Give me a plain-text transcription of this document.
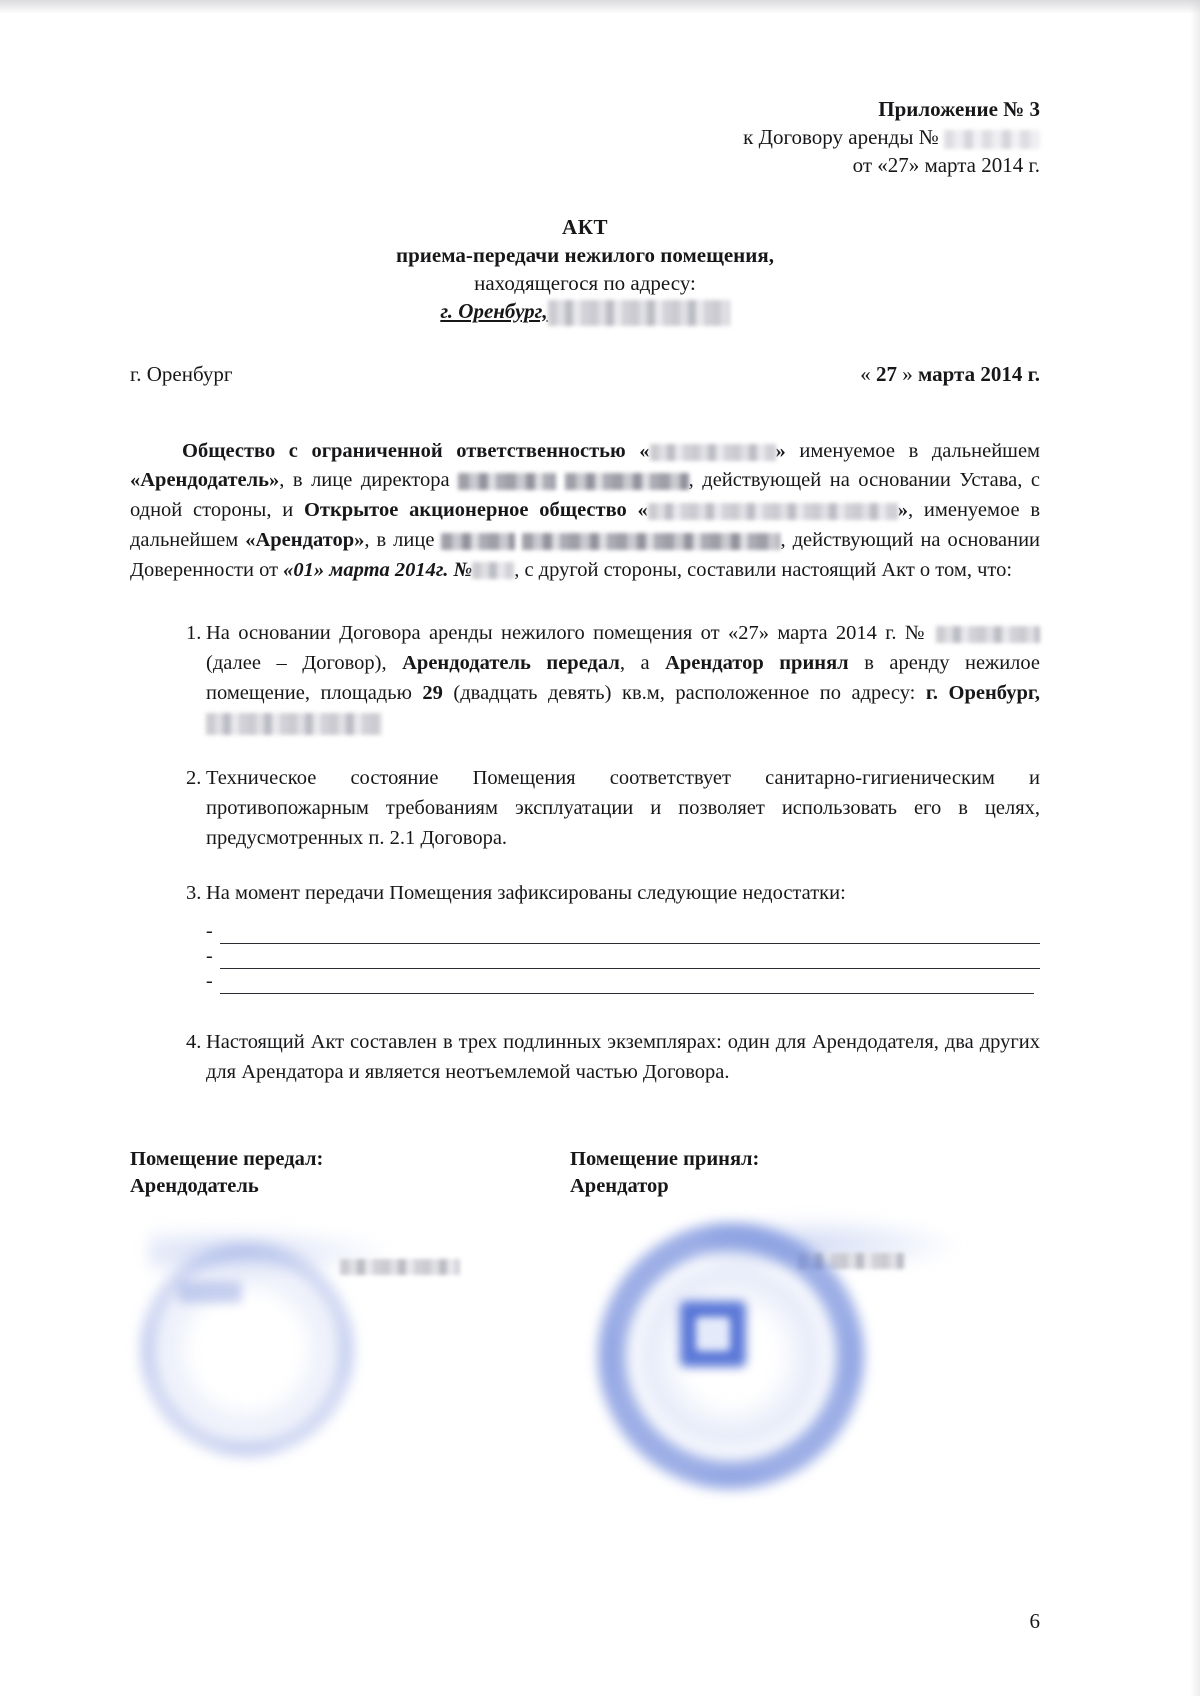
Приложение № 3
к Договору аренды №
от «27» марта 2014 г.
АКТ
приема-передачи нежилого помещения,
находящегося по адресу:
г. Оренбург,
г. Оренбург	« 27 » марта 2014 г.
Общество с ограниченной ответственностью «	» именуемое в дальнейшем «Арендодатель», в лице директора	, действующей на основании Устава, с одной стороны, и Открытое акционерное общество «	», именуемое в дальнейшем «Арендатор», в лице	, действующий на основании Доверенности от «01» марта 2014г. № , с другой стороны, составили настоящий Акт о том, что:
1. На основании Договора аренды нежилого помещения от «27» марта 2014 г. №  (далее – Договор), Арендодатель передал, а Арендатор принял в аренду нежилое помещение, площадью 29 (двадцать девять) кв.м, расположенное по адресу: г. Оренбург,
2. Техническое состояние Помещения соответствует санитарно-гигиеническим и противопожарным требованиям эксплуатации и позволяет использовать его в целях, предусмотренных п. 2.1 Договора.
3. На момент передачи Помещения зафиксированы следующие недостатки:
-
-
-
4. Настоящий Акт составлен в трех подлинных экземплярах: один для Арендодателя, два других для Арендатора и является неотъемлемой частью Договора.
Помещение передал:
Арендодатель
Помещение принял:
Арендатор
6
